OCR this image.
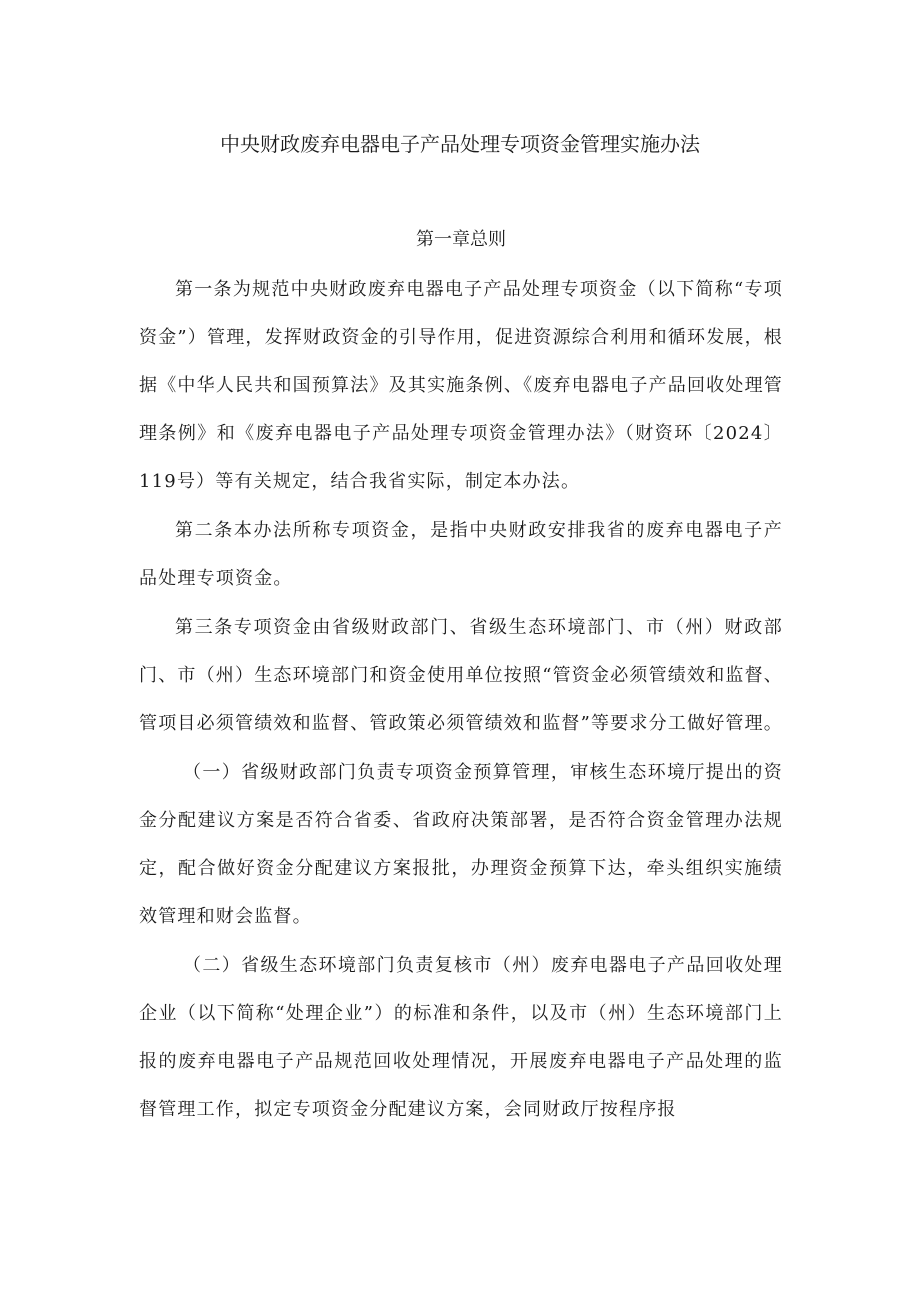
中央财政废弃电器电子产品处理专项资金管理实施办法

第一章总则

第一条为规范中央财政废弃电器电子产品处理专项资金（以下简称“专项资金”）管理，发挥财政资金的引导作用，促进资源综合利用和循环发展，根据《中华人民共和国预算法》及其实施条例、《废弃电器电子产品回收处理管理条例》和《废弃电器电子产品处理专项资金管理办法》（财资环〔2024〕119号）等有关规定，结合我省实际，制定本办法。

第二条本办法所称专项资金，是指中央财政安排我省的废弃电器电子产品处理专项资金。

第三条专项资金由省级财政部门、省级生态环境部门、市（州）财政部门、市（州）生态环境部门和资金使用单位按照“管资金必须管绩效和监督、管项目必须管绩效和监督、管政策必须管绩效和监督”等要求分工做好管理。

（一）省级财政部门负责专项资金预算管理，审核生态环境厅提出的资金分配建议方案是否符合省委、省政府决策部署，是否符合资金管理办法规定，配合做好资金分配建议方案报批，办理资金预算下达，牵头组织实施绩效管理和财会监督。

（二）省级生态环境部门负责复核市（州）废弃电器电子产品回收处理企业（以下简称“处理企业”）的标准和条件，以及市（州）生态环境部门上报的废弃电器电子产品规范回收处理情况，开展废弃电器电子产品处理的监督管理工作，拟定专项资金分配建议方案，会同财政厅按程序报
